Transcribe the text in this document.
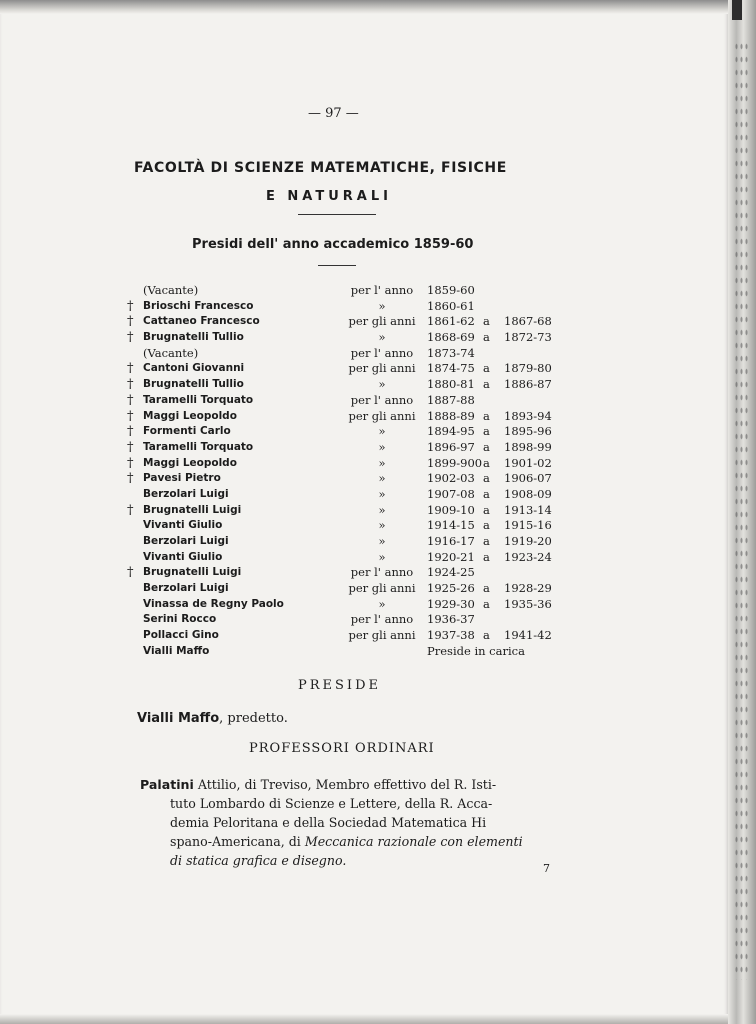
— 97 —
FACOLTÀ DI SCIENZE MATEMATICHE, FISICHE
E NATURALI
Presidi dell' anno accademico 1859-60
(Vacante)	per l' anno	1859-60
† Brioschi Francesco	»	1860-61
† Cattaneo Francesco	per gli anni 1861-62 a 1867-68
† Brugnatelli Tullio	»	1868-69 a 1872-73
(Vacante)	per l' anno	1873-74
† Cantoni Giovanni	per gli anni 1874-75 a 1879-80
† Brugnatelli Tullio	»	1880-81 a 1886-87
† Taramelli Torquato	per l' anno	1887-88
† Maggi Leopoldo	per gli anni 1888-89 a 1893-94
† Formenti Carlo	»	1894-95 a 1895-96
† Taramelli Torquato	»	1896-97 a 1898-99
† Maggi Leopoldo	»	1899-900 a 1901-02
† Pavesi Pietro	»	1902-03 a 1906-07
Berzolari Luigi	»	1907-08 a 1908-09
† Brugnatelli Luigi	»	1909-10 a 1913-14
Vivanti Giulio	»	1914-15 a 1915-16
Berzolari Luigi	»	1916-17 a 1919-20
Vivanti Giulio	»	1920-21 a 1923-24
† Brugnatelli Luigi	per l' anno	1924-25
Berzolari Luigi	per gli anni 1925-26 a 1928-29
Vinassa de Regny Paolo	»	1929-30 a 1935-36
Serini Rocco	per l' anno	1936-37
Pollacci Gino	per gli anni 1937-38 a 1941-42
Vialli Maffo	Preside in carica
PRESIDE
Vialli Maffo, predetto.
PROFESSORI ORDINARI
Palatini Attilio, di Treviso, Membro effettivo del R. Isti-
tuto Lombardo di Scienze e Lettere, della R. Acca-
demia Peloritana e della Sociedad Matematica Hi
spano-Americana, di Meccanica razionale con elementi
di statica grafica e disegno.
7
